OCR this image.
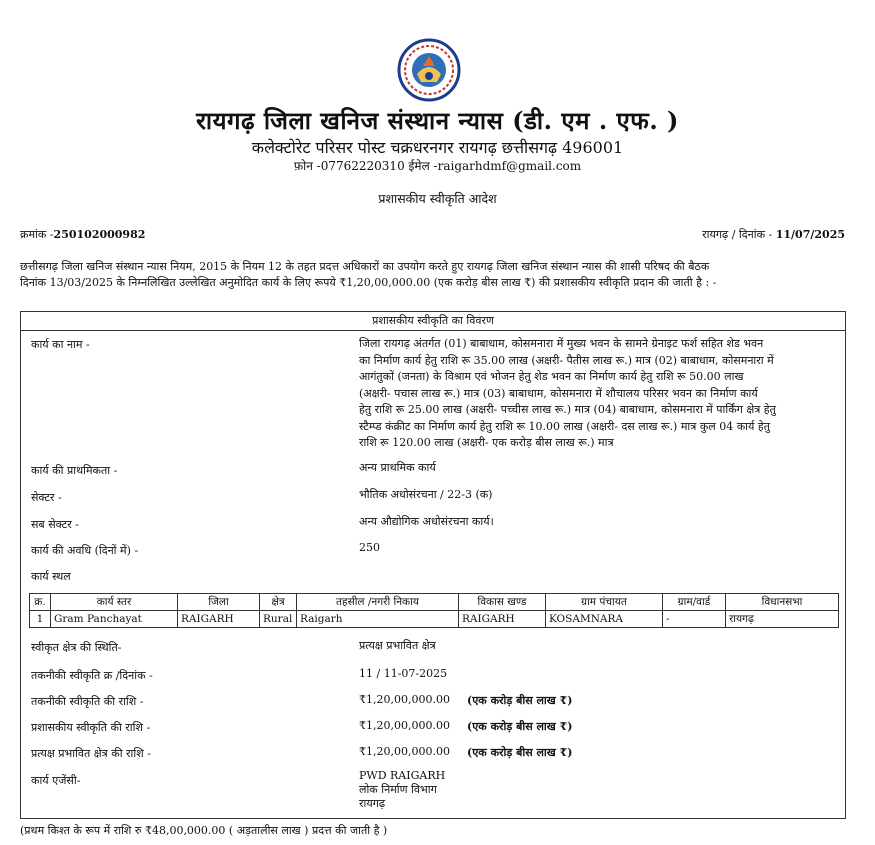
रायगढ़ जिला खनिज संस्थान न्यास (डी. एम . एफ. )
कलेक्टोरेट परिसर पोस्ट चक्रधरनगर रायगढ़ छत्तीसगढ़ 496001
फ़ोन -07762220310 ईमेल -raigarhdmf@gmail.com
प्रशासकीय स्वीकृति आदेश
क्रमांक -250102000982	रायगढ़ / दिनांक - 11/07/2025
छत्तीसगढ़ जिला खनिज संस्थान न्यास नियम, 2015 के नियम 12 के तहत प्रदत्त अधिकारों का उपयोग करते हुए रायगढ़ जिला खनिज संस्थान न्यास की शासी परिषद की बैठक
दिनांक 13/03/2025 के निम्नलिखित उल्लेखित अनुमोदित कार्य के लिए रूपये ₹1,20,00,000.00 (एक करोड़ बीस लाख ₹) की प्रशासकीय स्वीकृति प्रदान की जाती है : -
प्रशासकीय स्वीकृति का विवरण
कार्य का नाम -	जिला रायगढ़ अंतर्गत (01) बाबाधाम, कोसमनारा में मुख्य भवन के सामने ग्रेनाइट फर्श सहित शेड भवन
का निर्माण कार्य हेतु राशि रू 35.00 लाख (अक्षरी- पैतीस लाख रू.) मात्र (02) बाबाधाम, कोसमनारा में
आगंतुकों (जनता) के विश्राम एवं भोजन हेतु शेड भवन का निर्माण कार्य हेतु राशि रू 50.00 लाख
(अक्षरी- पचास लाख रू.) मात्र (03) बाबाधाम, कोसमनारा में शौचालय परिसर भवन का निर्माण कार्य
हेतु राशि रू 25.00 लाख (अक्षरी- पच्चीस लाख रू.) मात्र (04) बाबाधाम, कोसमनारा में पार्किंग क्षेत्र हेतु
स्टैम्प्ड कंक्रीट का निर्माण कार्य हेतु राशि रू 10.00 लाख (अक्षरी- दस लाख रू.) मात्र कुल 04 कार्य हेतु
राशि रू 120.00 लाख (अक्षरी- एक करोड़ बीस लाख रू.) मात्र
कार्य की प्राथमिकता -	अन्य प्राथमिक कार्य
सेक्टर -	भौतिक अधोसंरचना / 22-3 (क)
सब सेक्टर -	अन्य औद्योगिक अधोसंरचना कार्य।
कार्य की अवधि (दिनों में) -	250
कार्य स्थल
क्र.	कार्य स्तर	जिला	क्षेत्र	तहसील /नगरी निकाय	विकास खण्ड	ग्राम पंचायत	ग्राम/वार्ड	विधानसभा
1	Gram Panchayat	RAIGARH	Rural	Raigarh	RAIGARH	KOSAMNARA	-	रायगढ़
स्वीकृत क्षेत्र की स्थिति-	प्रत्यक्ष प्रभावित क्षेत्र
तकनीकी स्वीकृति क्र /दिनांक -	11 / 11-07-2025
तकनीकी स्वीकृति की राशि -	₹1,20,00,000.00	(एक करोड़ बीस लाख ₹)
प्रशासकीय स्वीकृति की राशि -	₹1,20,00,000.00	(एक करोड़ बीस लाख ₹)
प्रत्यक्ष प्रभावित क्षेत्र की राशि -	₹1,20,00,000.00	(एक करोड़ बीस लाख ₹)
कार्य एजेंसी-	PWD RAIGARH
लोक निर्माण विभाग
रायगढ़
(प्रथम किश्त के रूप में राशि रु ₹48,00,000.00 ( अड़तालीस लाख ) प्रदत्त की जाती है )
